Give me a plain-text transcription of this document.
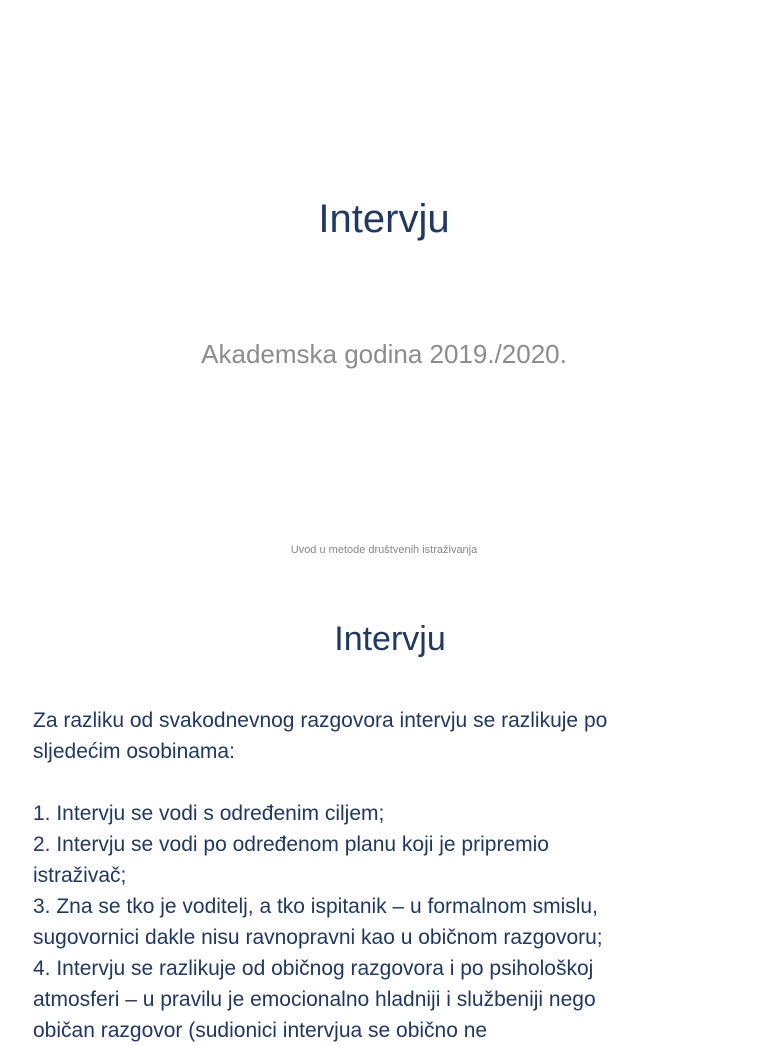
Intervju
Akademska godina 2019./2020.
Uvod u metode društvenih istraživanja
Intervju

Za razliku od svakodnevnog razgovora intervju se razlikuje po

sljedećim osobinama:

1. Intervju se vodi s određenim ciljem;

2. Intervju se vodi po određenom planu koji je pripremio

istraživač;

3. Zna se tko je voditelj, a tko ispitanik – u formalnom smislu,

sugovornici dakle nisu ravnopravni kao u običnom razgovoru;

4. Intervju se razlikuje od običnog razgovora i po psihološkoj

atmosferi – u pravilu je emocionalno hladniji i službeniji nego

običan razgovor (sudionici intervjua se obično ne
